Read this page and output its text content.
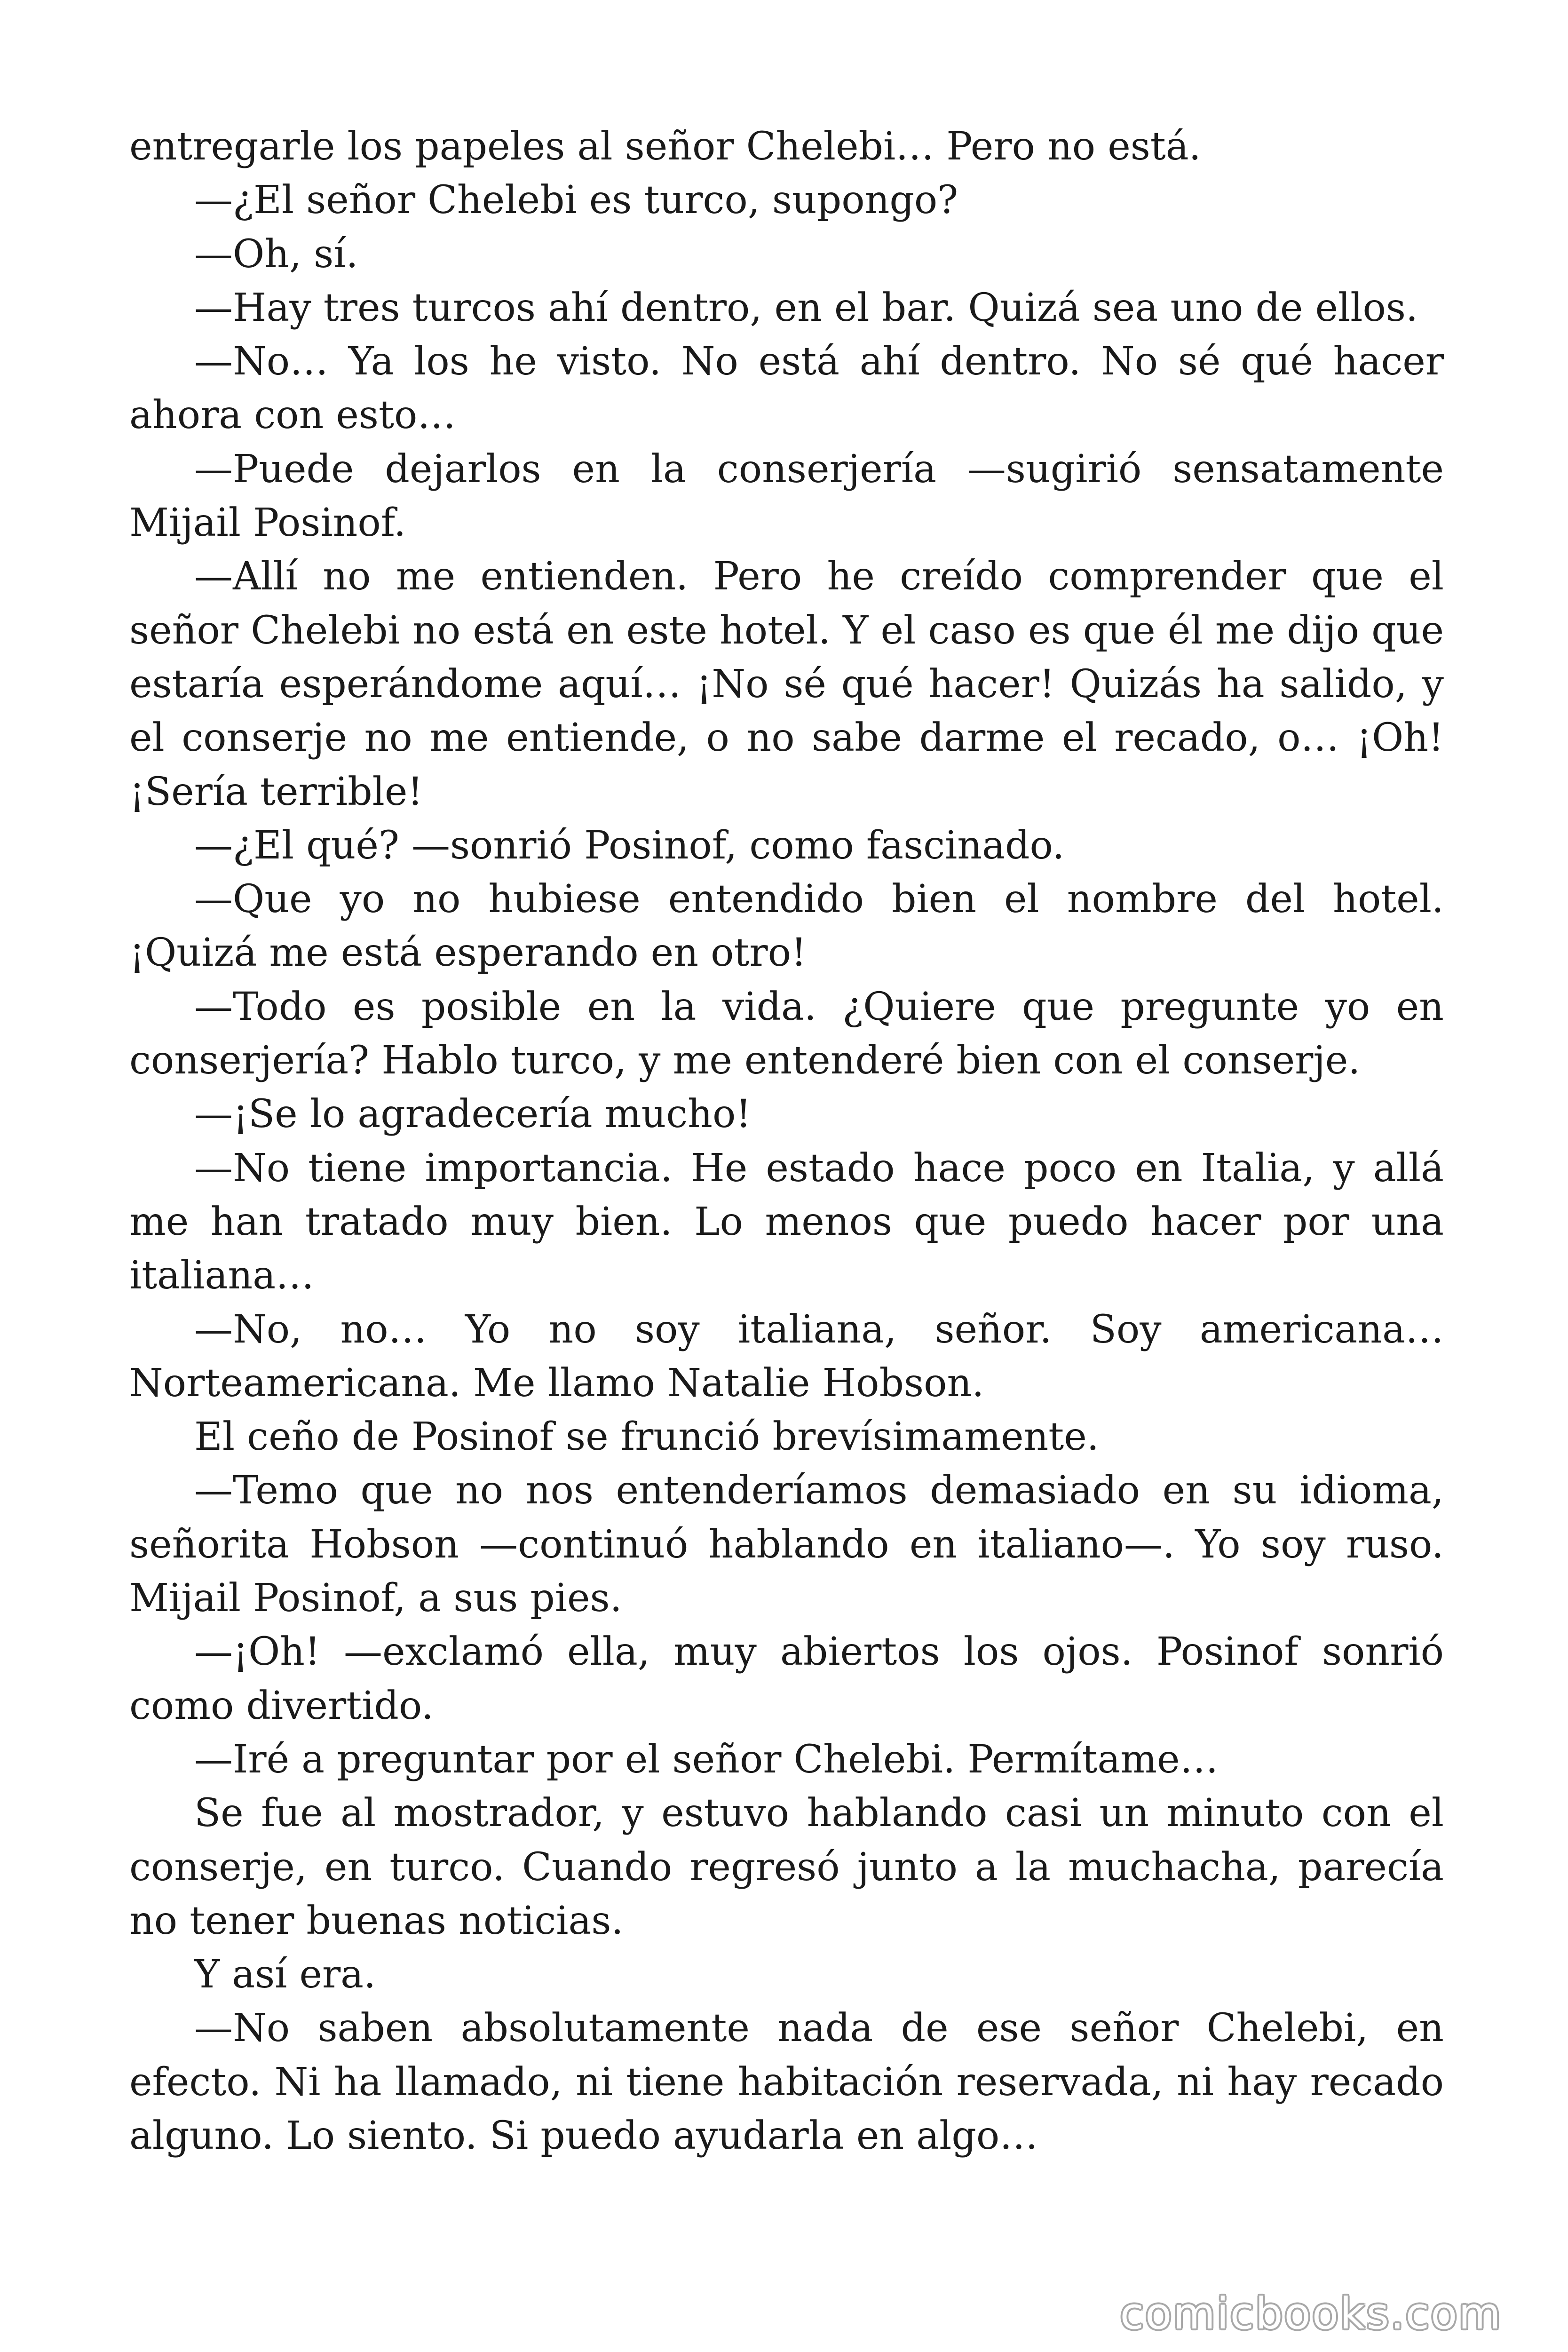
entregarle los papeles al señor Chelebi… Pero no está.

—¿El señor Chelebi es turco, supongo?

—Oh, sí.

—Hay tres turcos ahí dentro, en el bar. Quizá sea uno de ellos.

—No… Ya los he visto. No está ahí dentro. No sé qué hacer ahora con esto…

—Puede dejarlos en la conserjería —sugirió sensatamente Mijail Posinof.

—Allí no me entienden. Pero he creído comprender que el señor Chelebi no está en este hotel. Y el caso es que él me dijo que estaría esperándome aquí… ¡No sé qué hacer! Quizás ha salido, y el conserje no me entiende, o no sabe darme el recado, o… ¡Oh! ¡Sería terrible!

—¿El qué? —sonrió Posinof, como fascinado.

—Que yo no hubiese entendido bien el nombre del hotel. ¡Quizá me está esperando en otro!

—Todo es posible en la vida. ¿Quiere que pregunte yo en conserjería? Hablo turco, y me entenderé bien con el conserje.

—¡Se lo agradecería mucho!

—No tiene importancia. He estado hace poco en Italia, y allá me han tratado muy bien. Lo menos que puedo hacer por una italiana…

—No, no… Yo no soy italiana, señor. Soy americana… Norteamericana. Me llamo Natalie Hobson.

El ceño de Posinof se frunció brevísimamente.

—Temo que no nos entenderíamos demasiado en su idioma, señorita Hobson —continuó hablando en italiano—. Yo soy ruso. Mijail Posinof, a sus pies.

—¡Oh! —exclamó ella, muy abiertos los ojos. Posinof sonrió como divertido.

—Iré a preguntar por el señor Chelebi. Permítame…

Se fue al mostrador, y estuvo hablando casi un minuto con el conserje, en turco. Cuando regresó junto a la muchacha, parecía no tener buenas noticias.

Y así era.

—No saben absolutamente nada de ese señor Chelebi, en efecto. Ni ha llamado, ni tiene habitación reservada, ni hay recado alguno. Lo siento. Si puedo ayudarla en algo…

comicbooks.com
